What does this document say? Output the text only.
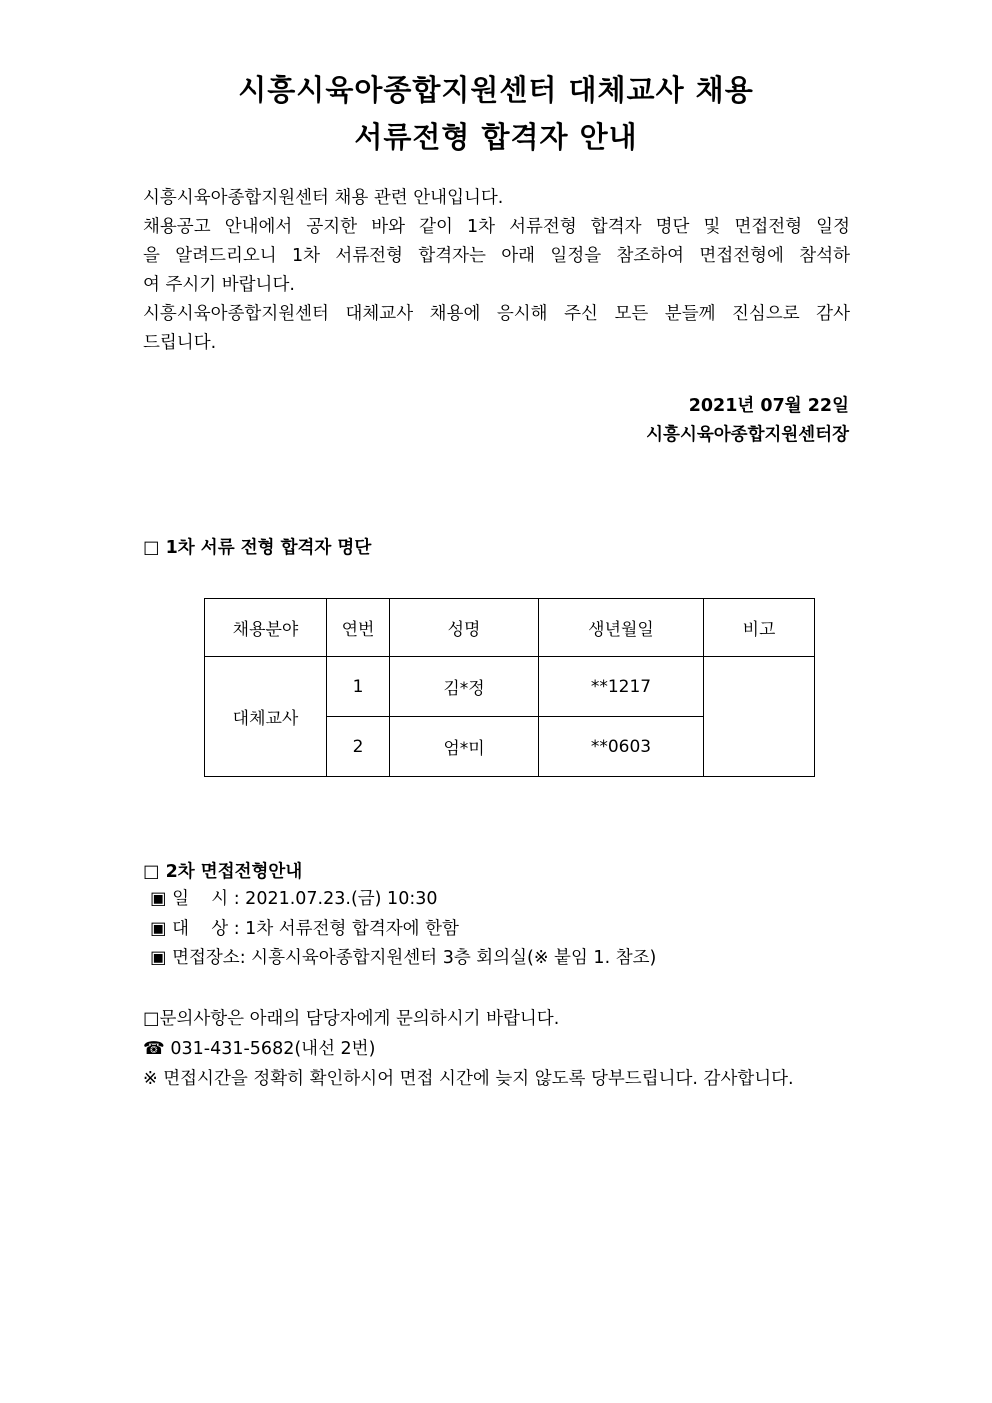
시흥시육아종합지원센터 대체교사 채용
서류전형 합격자 안내
시흥시육아종합지원센터 채용 관련 안내입니다.
채용공고 안내에서 공지한 바와 같이 1차 서류전형 합격자 명단 및 면접전형 일정
을 알려드리오니 1차 서류전형 합격자는 아래 일정을 참조하여 면접전형에 참석하
여 주시기 바랍니다.
시흥시육아종합지원센터 대체교사 채용에 응시해 주신 모든 분들께 진심으로 감사
드립니다.
2021년 07월 22일
시흥시육아종합지원센터장
□ 1차 서류 전형 합격자 명단
채용분야	연번	성명	생년월일	비고
대체교사	1	김*정	**1217	
	2	엄*미	**0603	
□ 2차 면접전형안내
▣ 일    시 : 2021.07.23.(금) 10:30
▣ 대    상 : 1차 서류전형 합격자에 한함
▣ 면접장소: 시흥시육아종합지원센터 3층 회의실(※ 붙임 1. 참조)
□문의사항은 아래의 담당자에게 문의하시기 바랍니다.
☎ 031-431-5682(내선 2번)
※ 면접시간을 정확히 확인하시어 면접 시간에 늦지 않도록 당부드립니다. 감사합니다.
